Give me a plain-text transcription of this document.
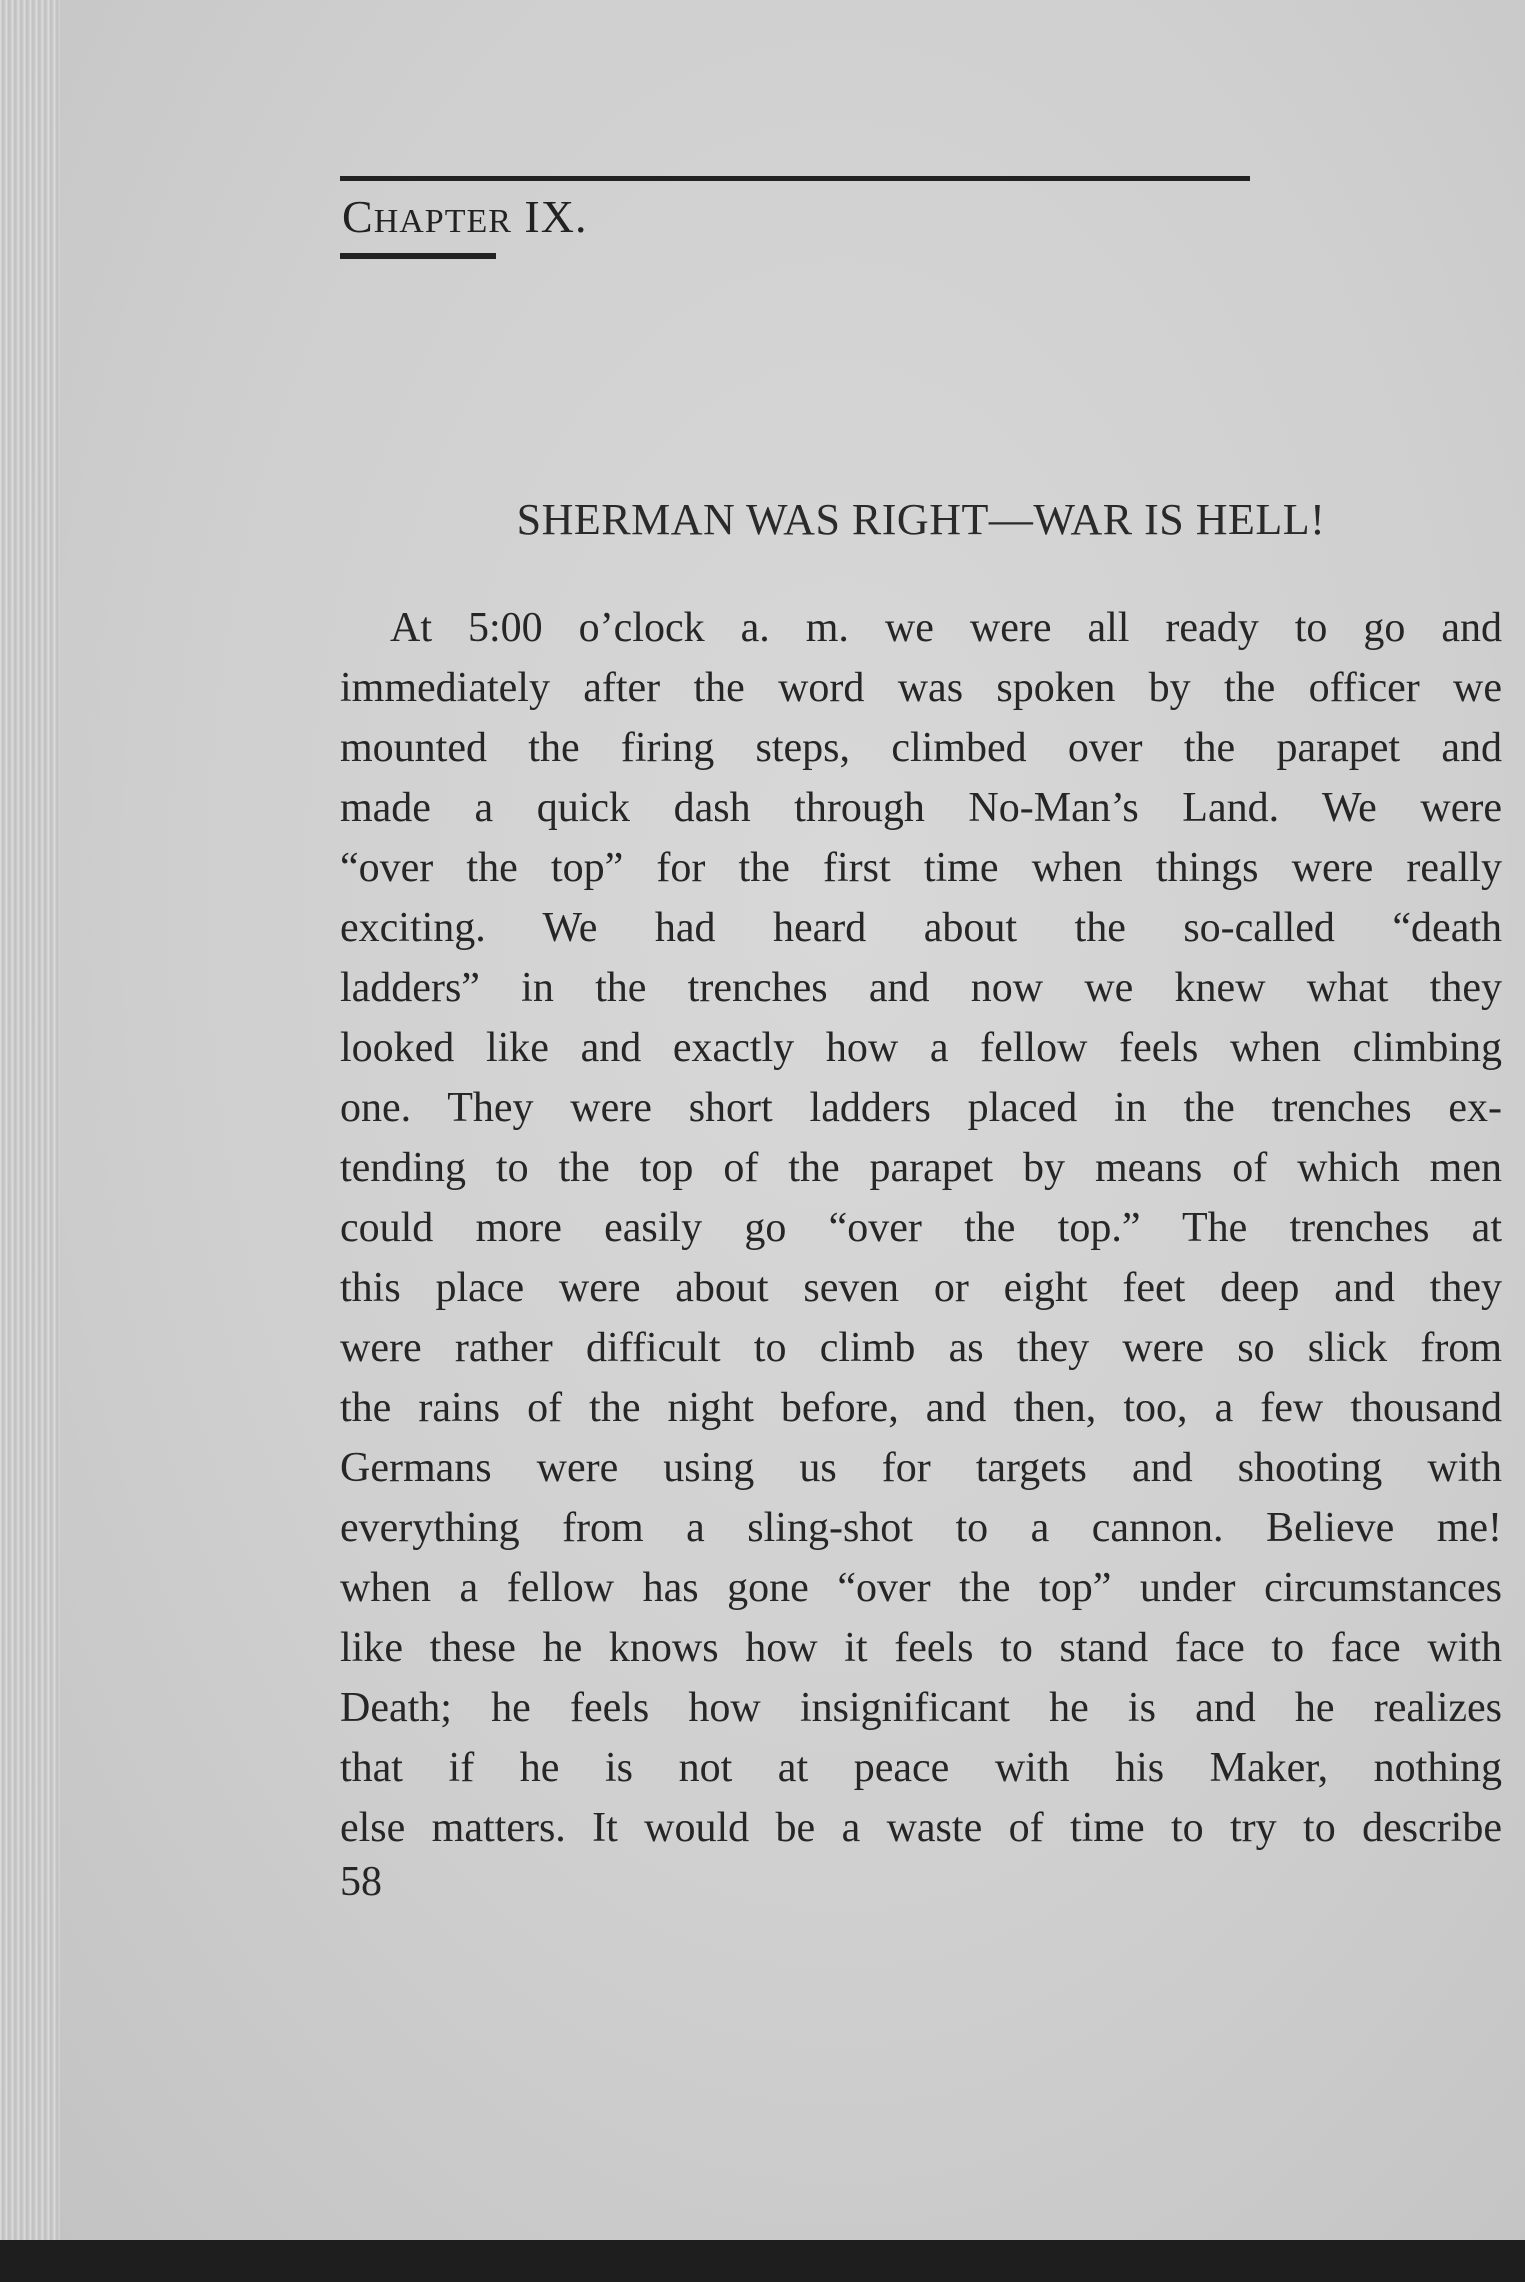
CHAPTER IX.
SHERMAN WAS RIGHT—WAR IS HELL!
At 5:00 o’clock a. m. we were all ready to go and
immediately after the word was spoken by the officer we
mounted the firing steps, climbed over the parapet and
made a quick dash through No-Man’s Land. We were
“over the top” for the first time when things were really
exciting. We had heard about the so-called “death
ladders” in the trenches and now we knew what they
looked like and exactly how a fellow feels when climbing
one. They were short ladders placed in the trenches ex-
tending to the top of the parapet by means of which men
could more easily go “over the top.” The trenches at
this place were about seven or eight feet deep and they
were rather difficult to climb as they were so slick from
the rains of the night before, and then, too, a few thousand
Germans were using us for targets and shooting with
everything from a sling-shot to a cannon. Believe me!
when a fellow has gone “over the top” under circumstances
like these he knows how it feels to stand face to face with
Death; he feels how insignificant he is and he realizes
that if he is not at peace with his Maker, nothing
else matters. It would be a waste of time to try to describe
58
